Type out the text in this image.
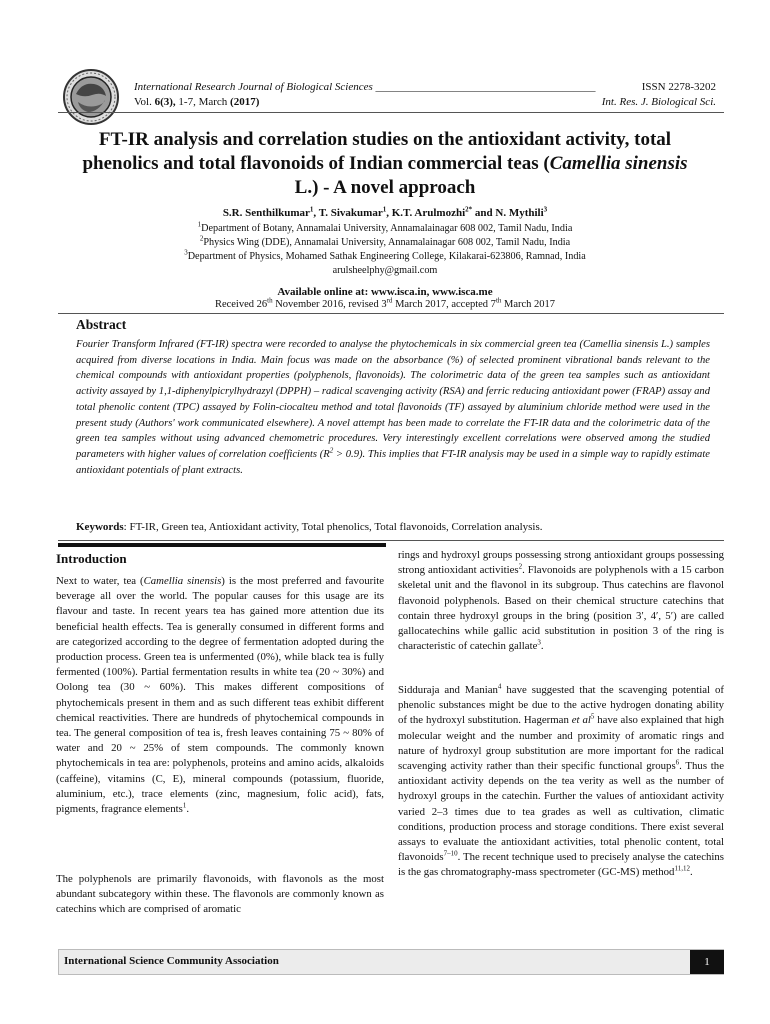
International Research Journal of Biological Sciences ________________________________________	ISSN 2278-3202
Vol. 6(3), 1-7, March (2017)	Int. Res. J. Biological Sci.
FT-IR analysis and correlation studies on the antioxidant activity, total
phenolics and total flavonoids of Indian commercial teas (Camellia sinensis
L.) - A novel approach
S.R. Senthilkumar$^1$, T. Sivakumar$^1$, K.T. Arulmozhi$^{2*}$ and N. Mythili$^3$
$^1$Department of Botany, Annamalai University, Annamalainagar 608 002, Tamil Nadu, India
$^2$Physics Wing (DDE), Annamalai University, Annamalainagar 608 002, Tamil Nadu, India
$^3$Department of Physics, Mohamed Sathak Engineering College, Kilakarai-623806, Ramnad, India
arulsheelphy@gmail.com
Available online at: www.isca.in, www.isca.me
Received 26th November 2016, revised 3rd March 2017, accepted 7th March 2017
Abstract
Fourier Transform Infrared (FT-IR) spectra were recorded to analyse the phytochemicals in six commercial green tea (Camellia sinensis L.) samples acquired from diverse locations in India. Main focus was made on the absorbance (%) of selected prominent vibrational bands relevant to the chemical compounds with antioxidant properties (polyphenols, flavonoids). The colorimetric data of the green tea samples such as antioxidant activity assayed by 1,1-diphenylpicrylhydrazyl (DPPH) – radical scavenging activity (RSA) and ferric reducing antioxidant power (FRAP) assay and total phenolic content (TPC) assayed by Folin-ciocalteu method and total flavonoids (TF) assayed by aluminium chloride method were used in the present study (Authors' work communicated elsewhere). A novel attempt has been made to correlate the FT-IR data and the colorimetric data of the green tea samples without using advanced chemometric procedures. Very interestingly excellent correlations were observed among the studied parameters with higher values of correlation coefficients $(R^2 > 0.9)$. This implies that FT-IR analysis may be used in a simple way to rapidly estimate antioxidant potentials of plant extracts.
Keywords: FT-IR, Green tea, Antioxidant activity, Total phenolics, Total flavonoids, Correlation analysis.
Introduction
Next to water, tea (Camellia sinensis) is the most preferred and favourite beverage all over the world. The popular causes for this usage are its flavour and taste. In recent years tea has gained more attention due its beneficial health effects. Tea is generally consumed in different forms and are categorized according to the degree of fermentation adopted during the production process. Green tea is unfermented (0%), while black tea is fully fermented (100%). Partial fermentation results in white tea (20 ~ 30%) and Oolong tea (30 ~ 60%). This makes different compositions of phytochemicals present in them and as such different teas exhibit different chemical reactivities. There are hundreds of phytochemical compounds in tea. The general composition of tea is, fresh leaves containing 75 ~ 80% of water and 20 ~ 25% of stem compounds. The commonly known phytochemicals in tea are: polyphenols, proteins and amino acids, alkaloids (caffeine), vitamins (C, E), mineral compounds (potassium, fluoride, aluminium, etc.), trace elements (zinc, magnesium, folic acid), fats, pigments, fragrance elements$^1$.
The polyphenols are primarily flavonoids, with flavonols as the most abundant subcategory within these. The flavonols are commonly known as catechins which are comprised of aromatic
rings and hydroxyl groups possessing strong antioxidant groups possessing strong antioxidant activities$^2$. Flavonoids are polyphenols with a 15 carbon skeletal unit and the flavonol in its subgroup. Thus catechins are flavonol flavonoid polyphenols. Based on their chemical structure catechins that contain three hydroxyl groups in the bring (position 3′, 4′, 5′) are called gallocatechins while gallic acid substitution in position 3 of the ring is characteristic of catechin gallate$^3$.
Sidduraja and Manian$^4$ have suggested that the scavenging potential of phenolic substances might be due to the active hydrogen donating ability of the hydroxyl substitution. Hagerman et $al^5$ have also explained that high molecular weight and the number and proximity of aromatic rings and nature of hydroxyl group substitution are more important for the radical scavenging activity rather than their specific functional groups$^6$. Thus the antioxidant activity depends on the tea verity as well as the number of hydroxyl groups in the catechin. Further the values of antioxidant activity varied 2–3 times due to tea grades as well as cultivation, climatic conditions, production process and storage conditions. There exist several assays to evaluate the antioxidant activities, total phenolic content, total flavonoids$^{7-10}$. The recent technique used to precisely analyse the catechins is the gas chromatography-mass spectrometer (GC-MS) method$^{11,12}$.
International Science Community Association	1
